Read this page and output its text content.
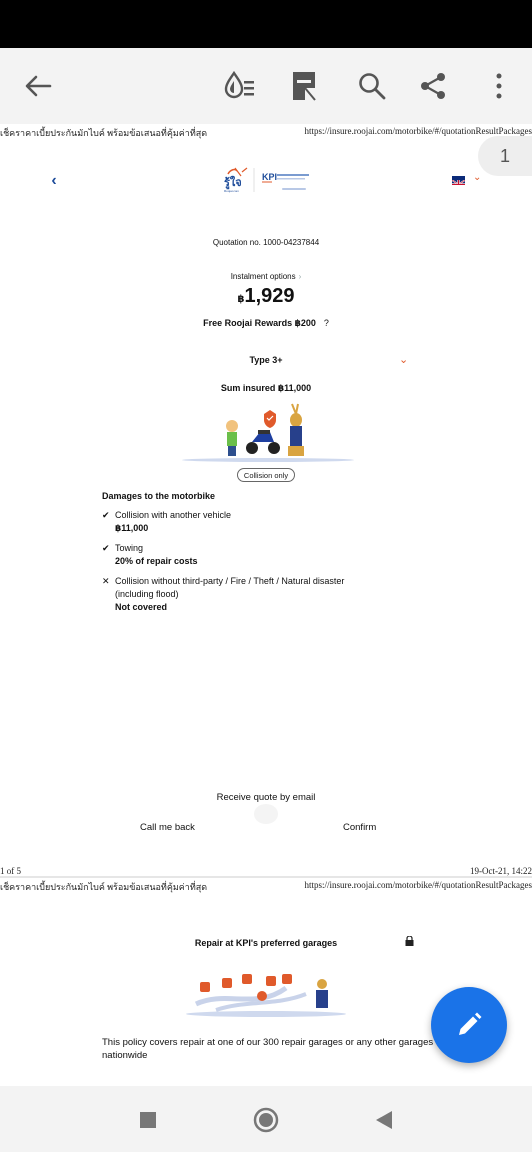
เช็คราคาเบี้ยประกันมักไบค์ พร้อมข้อเสนอที่คุ้มค่าที่สุด	https://insure.roojai.com/motorbike/#/quotationResultPackages
‹	รู้ใจ
Roojai.com
KPI	⌄
1
Quotation no. 1000-04237844
Instalment options ›
฿1,929
Free Roojai Rewards ฿200 ?
Type 3+	⌄
Sum insured ฿11,000
Collision only
Damages to the motorbike
✔ Collision with another vehicle
฿11,000
✔ Towing
20% of repair costs
✕ Collision without third-party / Fire / Theft / Natural disaster
(including flood)
Not covered
Receive quote by email
Call me back	Confirm
1 of 5	19-Oct-21, 14:22
เช็คราคาเบี้ยประกันมักไบค์ พร้อมข้อเสนอที่คุ้มค่าที่สุด	https://insure.roojai.com/motorbike/#/quotationResultPackages
Repair at KPI's preferred garages
This policy covers repair at one of our 300 repair garages or any other garages nationwide
